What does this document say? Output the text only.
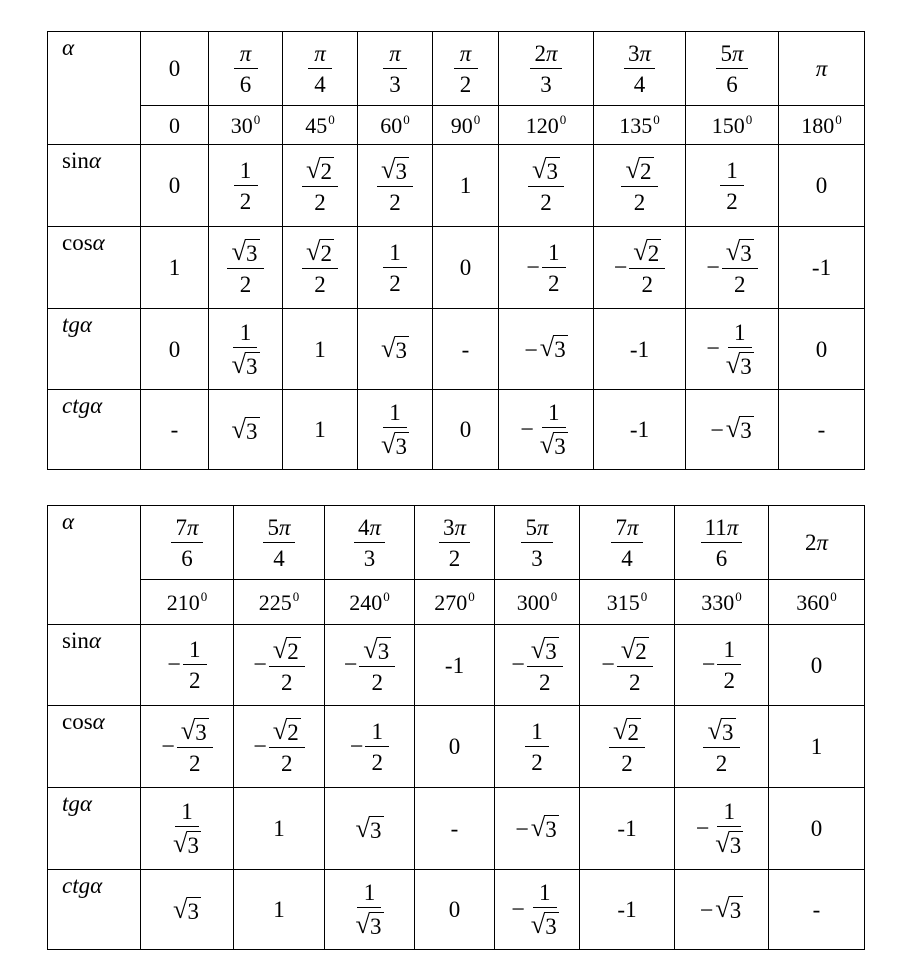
α	0	$\frac{\pi}{6}$	$\frac{\pi}{4}$	$\frac{\pi}{3}$	$\frac{\pi}{2}$	$\frac{2\pi}{3}$	$\frac{3\pi}{4}$	$\frac{5\pi}{6}$	π
	0	$30^0$	$45^0$	$60^0$	$90^0$	$120^0$	$135^0$	$150^0$	$180^0$
sinα	0	$\frac{1}{2}$	$\frac{√ 2}{2}$	$\frac{√ 3}{2}$	1	$\frac{√ 3}{2}$	$\frac{√ 2}{2}$	$\frac{1}{2}$	0
cosα	1	$\frac{√ 3}{2}$	$\frac{√ 2}{2}$	$\frac{1}{2}$	0	− $\frac{1}{2}$	− $\frac{√ 2}{2}$	− $\frac{√ 3}{2}$	-1
tgα	0	$\frac{1}{√ 3}$	1	√ 3	-	− √ 3	-1	− $\frac{1}{√ 3}$	0
ctgα	-	√ 3	1	$\frac{1}{√ 3}$	0	− $\frac{1}{√ 3}$	-1	− √ 3	-
α	$\frac{7\pi}{6}$	$\frac{5\pi}{4}$	$\frac{4\pi}{3}$	$\frac{3\pi}{2}$	$\frac{5\pi}{3}$	$\frac{7\pi}{4}$	$\frac{11\pi}{6}$	2π
	$210^0$	$225^0$	$240^0$	$270^0$	$300^0$	$315^0$	$330^0$	$360^0$
sinα	− $\frac{1}{2}$	− $\frac{√ 2}{2}$	− $\frac{√ 3}{2}$	-1	− $\frac{√ 3}{2}$	− $\frac{√ 2}{2}$	− $\frac{1}{2}$	0
cosα	− $\frac{√ 3}{2}$	− $\frac{√ 2}{2}$	− $\frac{1}{2}$	0	$\frac{1}{2}$	$\frac{√ 2}{2}$	$\frac{√ 3}{2}$	1
tgα	$\frac{1}{√ 3}$	1	√ 3	-	− √ 3	-1	− $\frac{1}{√ 3}$	0
ctgα	√ 3	1	$\frac{1}{√ 3}$	0	− $\frac{1}{√ 3}$	-1	− √ 3	-
